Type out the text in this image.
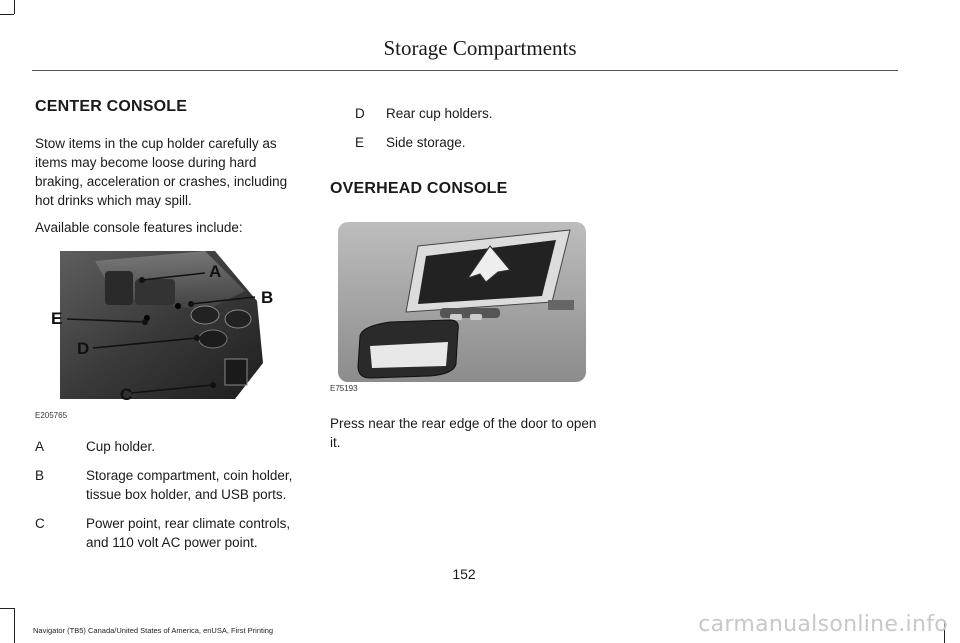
Storage Compartments
CENTER CONSOLE

Stow items in the cup holder carefully as items may become loose during hard braking, acceleration or crashes, including hot drinks which may spill.

Available console features include:

A
B
C
D
E
E205765
A	Cup holder.
B	Storage compartment, coin holder, tissue box holder, and USB ports.
C	Power point, rear climate controls, and 110 volt AC power point.
D	Rear cup holders.
E	Side storage.
OVERHEAD CONSOLE
E75193

Press near the rear edge of the door to open it.

152
Navigator (TB5) Canada/United States of America, enUSA, First Printing	carmanualsonline.info
